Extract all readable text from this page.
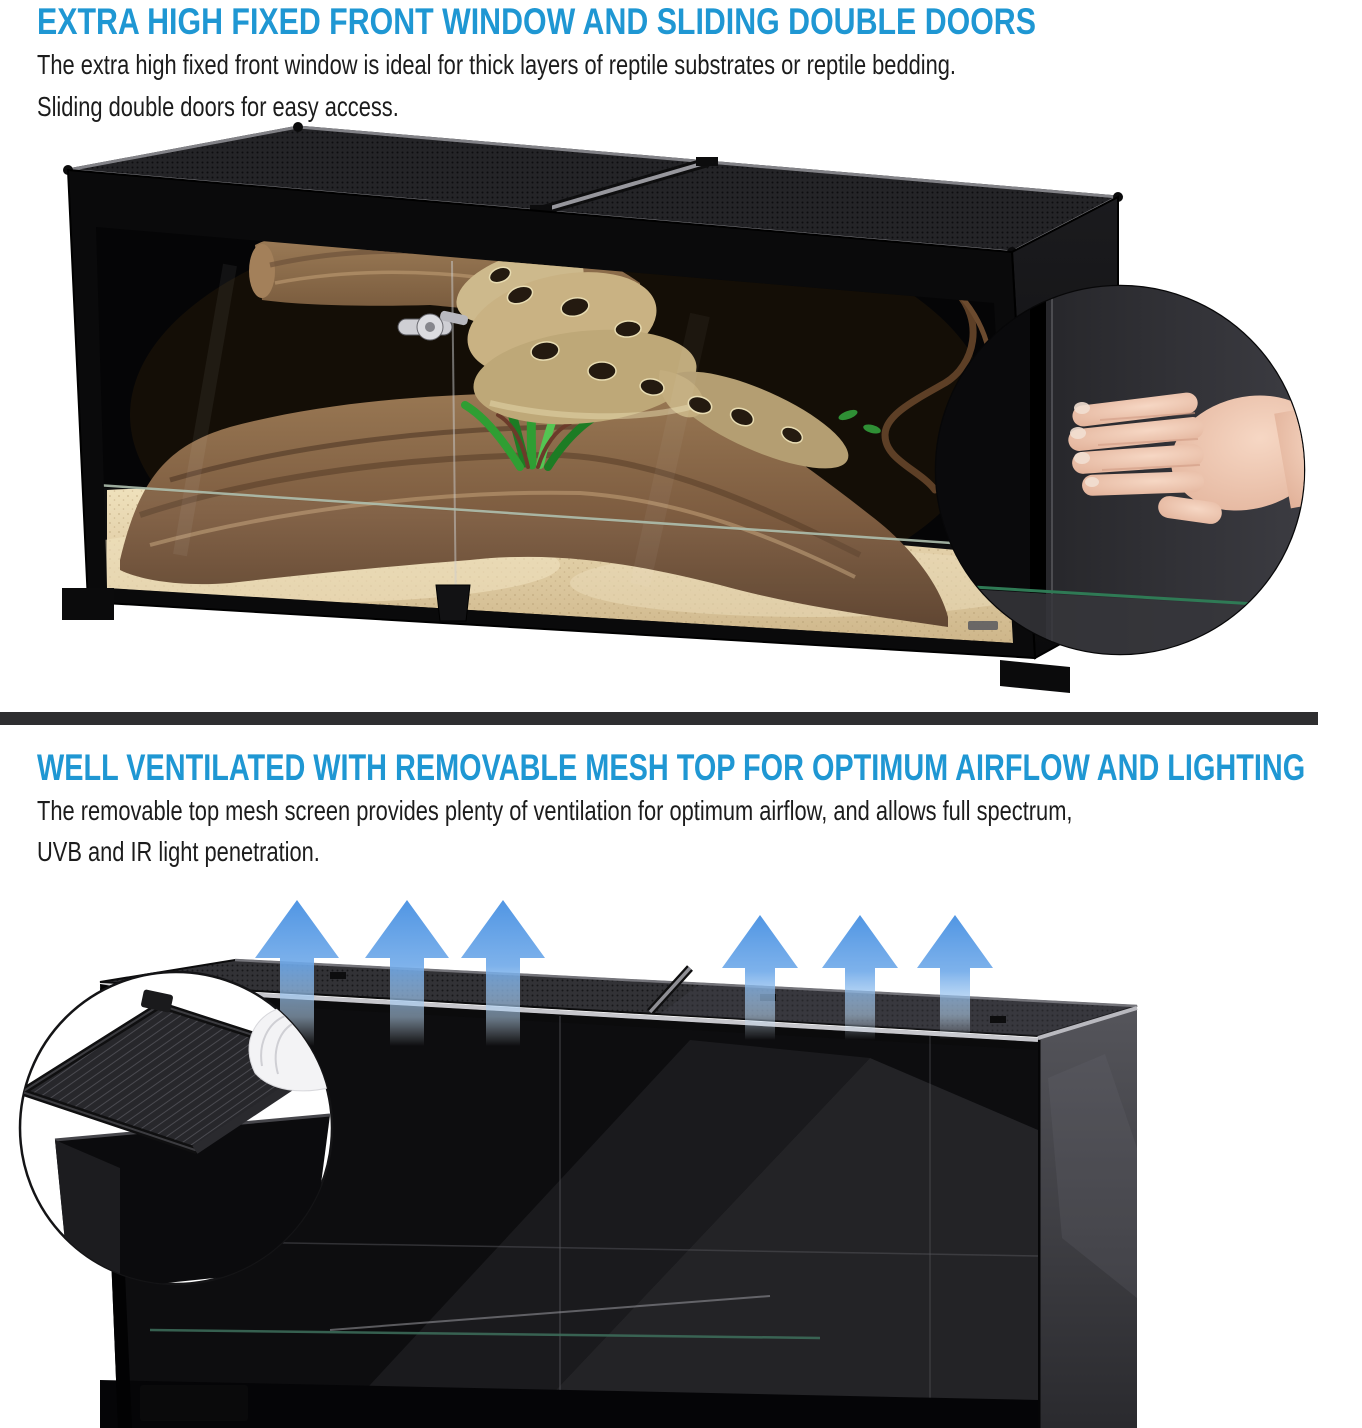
EXTRA HIGH FIXED FRONT WINDOW AND SLIDING DOUBLE DOORS
The extra high fixed front window is ideal for thick layers of reptile substrates or reptile bedding.
Sliding double doors for easy access.
WELL VENTILATED WITH REMOVABLE MESH TOP FOR OPTIMUM AIRFLOW AND LIGHTING
The removable top mesh screen provides plenty of ventilation for optimum airflow, and allows full spectrum,
UVB and IR light penetration.
